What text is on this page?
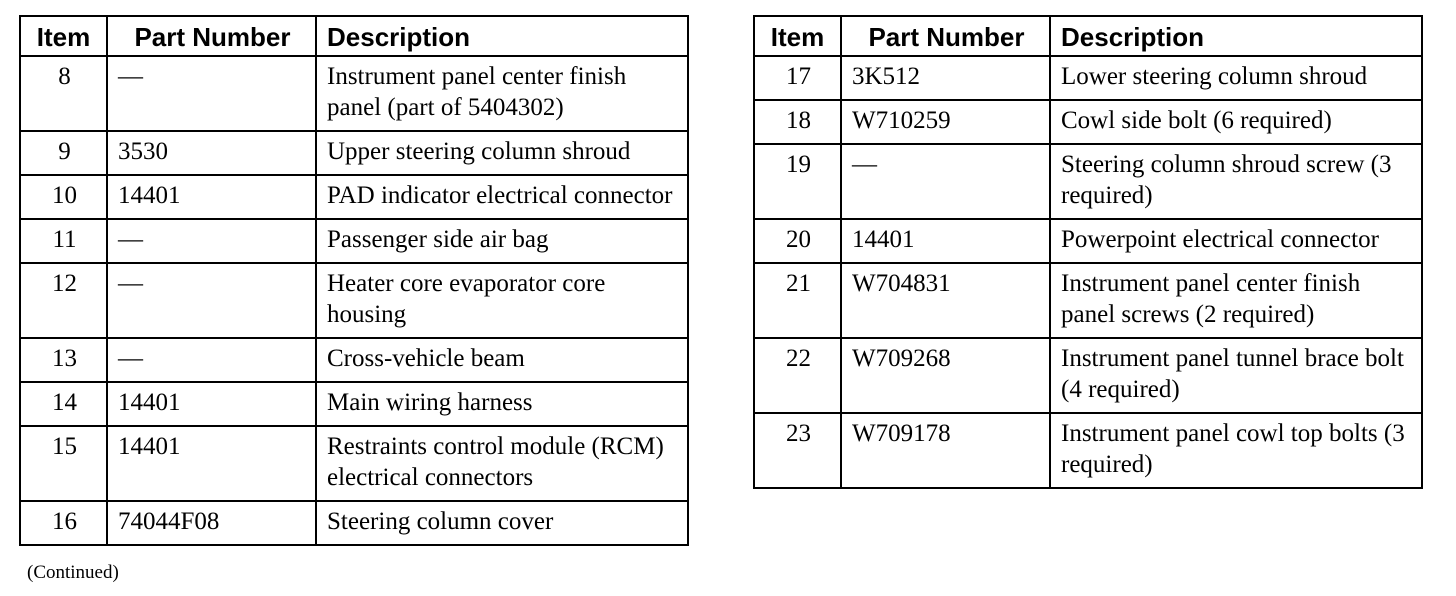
Item	Part Number	Description
8	—	Instrument panel center finish panel (part of 5404302)
9	3530	Upper steering column shroud
10	14401	PAD indicator electrical connector
11	—	Passenger side air bag
12	—	Heater core evaporator core housing
13	—	Cross-vehicle beam
14	14401	Main wiring harness
15	14401	Restraints control module (RCM) electrical connectors
16	74044F08	Steering column cover
Item	Part Number	Description
17	3K512	Lower steering column shroud
18	W710259	Cowl side bolt (6 required)
19	—	Steering column shroud screw (3 required)
20	14401	Powerpoint electrical connector
21	W704831	Instrument panel center finish panel screws (2 required)
22	W709268	Instrument panel tunnel brace bolt (4 required)
23	W709178	Instrument panel cowl top bolts (3 required)
(Continued)
